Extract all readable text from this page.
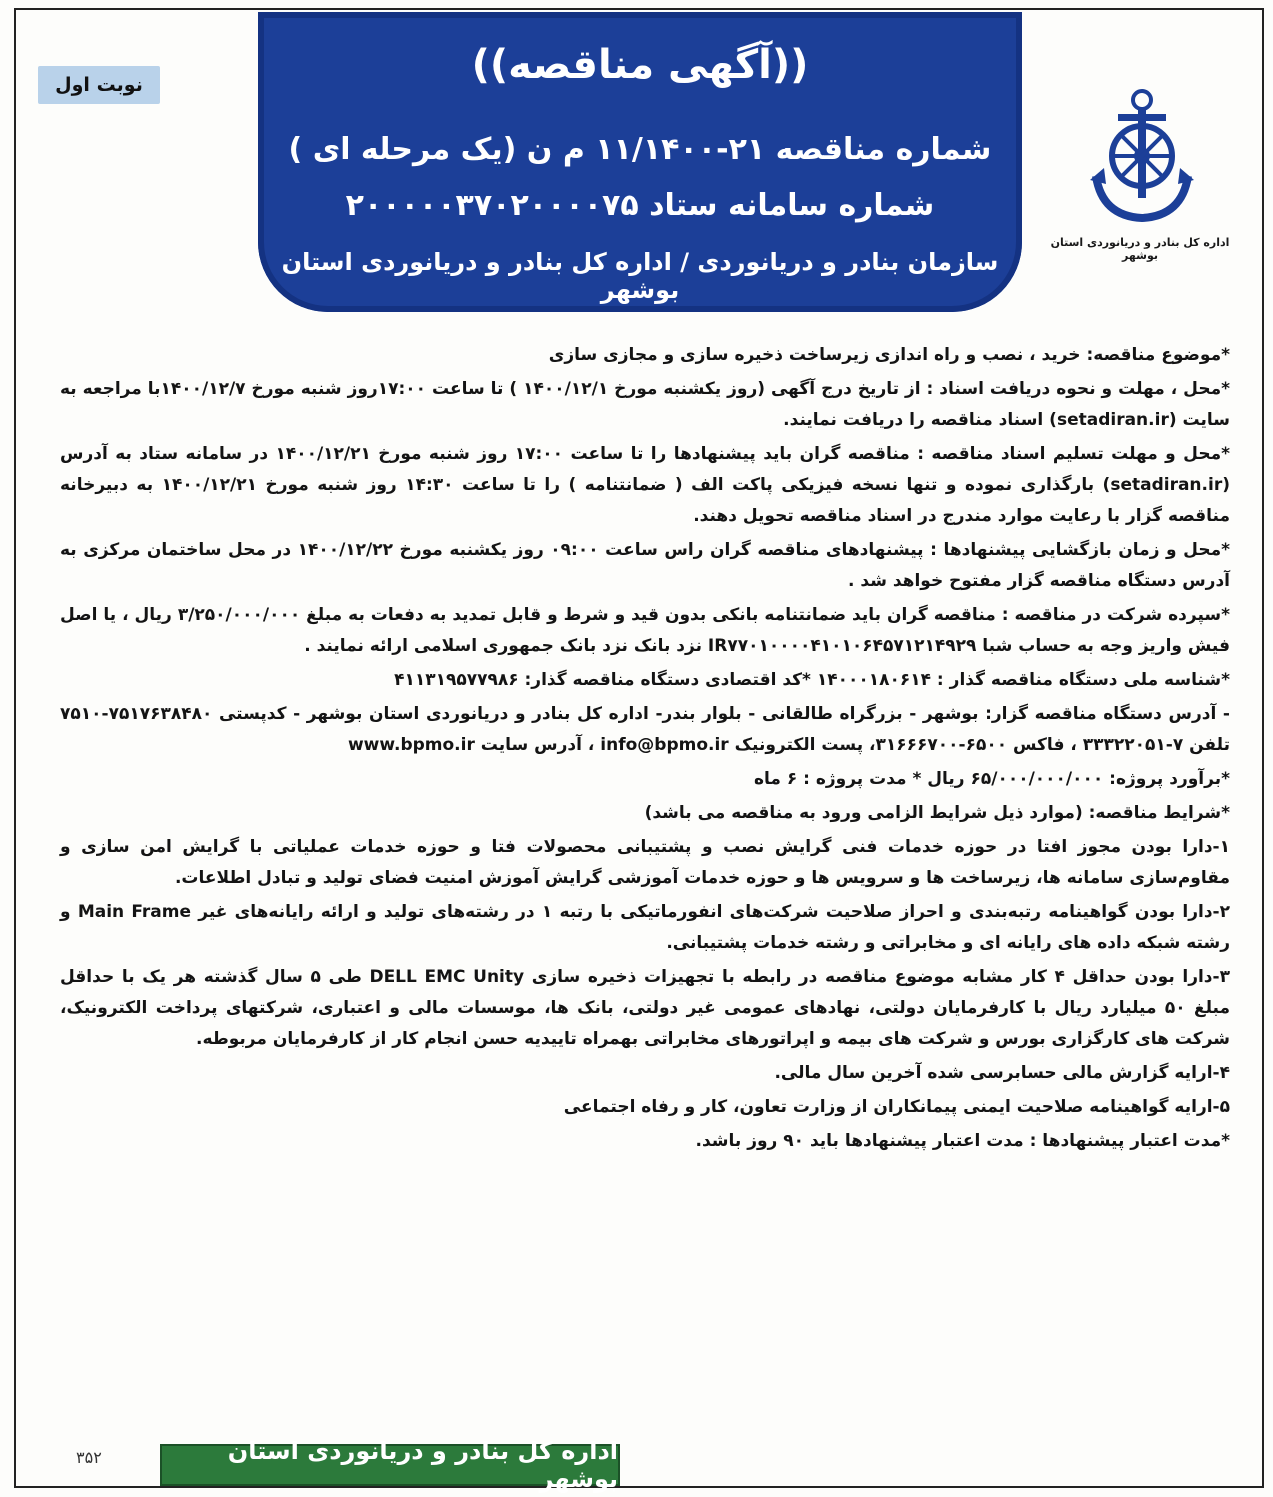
نوبت اول	((آگهی مناقصه))
شماره مناقصه ۲۱-۱۱/۱۴۰۰ م ن (یک مرحله ای )
شماره سامانه ستاد ۲۰۰۰۰۰۳۷۰۲۰۰۰۰۷۵
سازمان بنادر و دریانوردی / اداره کل بنادر و دریانوردی استان بوشهر
اداره کل بنادر و دریانوردی استان بوشهر

*موضوع مناقصه: خرید ، نصب و راه اندازی زیرساخت ذخیره سازی و مجازی سازی

*محل ، مهلت و نحوه دریافت اسناد : از تاریخ درج آگهی (روز یکشنبه مورخ ۱۴۰۰/۱۲/۱ ) تا ساعت ۱۷:۰۰روز شنبه مورخ ۱۴۰۰/۱۲/۷با مراجعه به سایت (setadiran.ir) اسناد مناقصه را دریافت نمایند.

*محل و مهلت تسلیم اسناد مناقصه : مناقصه گران باید پیشنهادها را تا ساعت ۱۷:۰۰ روز شنبه مورخ ۱۴۰۰/۱۲/۲۱ در سامانه ستاد به آدرس (setadiran.ir) بارگذاری نموده و تنها نسخه فیزیکی پاکت الف ( ضمانتنامه ) را تا ساعت ۱۴:۳۰ روز شنبه مورخ ۱۴۰۰/۱۲/۲۱ به دبیرخانه مناقصه گزار با رعایت موارد مندرج در اسناد مناقصه تحویل دهند.

*محل و زمان بازگشایی پیشنهادها : پیشنهادهای مناقصه گران راس ساعت ۰۹:۰۰ روز یکشنبه مورخ ۱۴۰۰/۱۲/۲۲ در محل ساختمان مرکزی به آدرس دستگاه مناقصه گزار مفتوح خواهد شد .

*سپرده شرکت در مناقصه : مناقصه گران باید ضمانتنامه بانکی بدون قید و شرط و قابل تمدید به دفعات به مبلغ ۳/۲۵۰/۰۰۰/۰۰۰ ریال ، یا اصل فیش واریز وجه به حساب شبا IR۷۷۰۱۰۰۰۰۴۱۰۱۰۶۴۵۷۱۲۱۴۹۲۹ نزد بانک نزد بانک جمهوری اسلامی ارائه نمایند .

*شناسه ملی دستگاه مناقصه گذار : ۱۴۰۰۰۱۸۰۶۱۴ *کد اقتصادی دستگاه مناقصه گذار: ۴۱۱۳۱۹۵۷۷۹۸۶

- آدرس دستگاه مناقصه گزار: بوشهر - بزرگراه طالقانی - بلوار بندر- اداره کل بنادر و دریانوردی استان بوشهر - کدپستی ۷۵۱۷۶۳۸۴۸۰-۷۵۱۰ تلفن ۷-۳۳۳۲۲۰۵۱ ، فاکس ۶۵۰۰-۳۱۶۶۶۷۰۰، پست الکترونیک info@bpmo.ir ، آدرس سایت www.bpmo.ir

*برآورد پروژه: ۶۵/۰۰۰/۰۰۰/۰۰۰ ریال * مدت پروژه : ۶ ماه

*شرایط مناقصه: (موارد ذیل شرایط الزامی ورود به مناقصه می باشد)

۱-دارا بودن مجوز افتا در حوزه خدمات فنی گرایش نصب و پشتیبانی محصولات فتا و حوزه خدمات عملیاتی با گرایش امن سازی و مقاوم‌سازی سامانه ها، زیرساخت ها و سرویس ها و حوزه خدمات آموزشی گرایش آموزش امنیت فضای تولید و تبادل اطلاعات.

۲-دارا بودن گواهینامه رتبه‌بندی و احراز صلاحیت شرکت‌های انفورماتیکی با رتبه ۱ در رشته‌های تولید و ارائه رایانه‌های غیر Main Frame و رشته شبکه داده های رایانه ای و مخابراتی و رشته خدمات پشتیبانی.

۳-دارا بودن حداقل ۴ کار مشابه موضوع مناقصه در رابطه با تجهیزات ذخیره سازی DELL EMC Unity طی ۵ سال گذشته هر یک با حداقل مبلغ ۵۰ میلیارد ریال با کارفرمایان دولتی، نهادهای عمومی غیر دولتی، بانک ها، موسسات مالی و اعتباری، شرکتهای پرداخت الکترونیک، شرکت های کارگزاری بورس و شرکت های بیمه و اپراتورهای مخابراتی بهمراه تاییدیه حسن انجام کار از کارفرمایان مربوطه.

۴-ارایه گزارش مالی حسابرسی شده آخرین سال مالی.

۵-ارایه گواهینامه صلاحیت ایمنی پیمانکاران از وزارت تعاون، کار و رفاه اجتماعی

*مدت اعتبار پیشنهادها : مدت اعتبار پیشنهادها باید ۹۰ روز باشد.

اداره کل بنادر و دریانوردی استان بوشهر
۳۵۲
